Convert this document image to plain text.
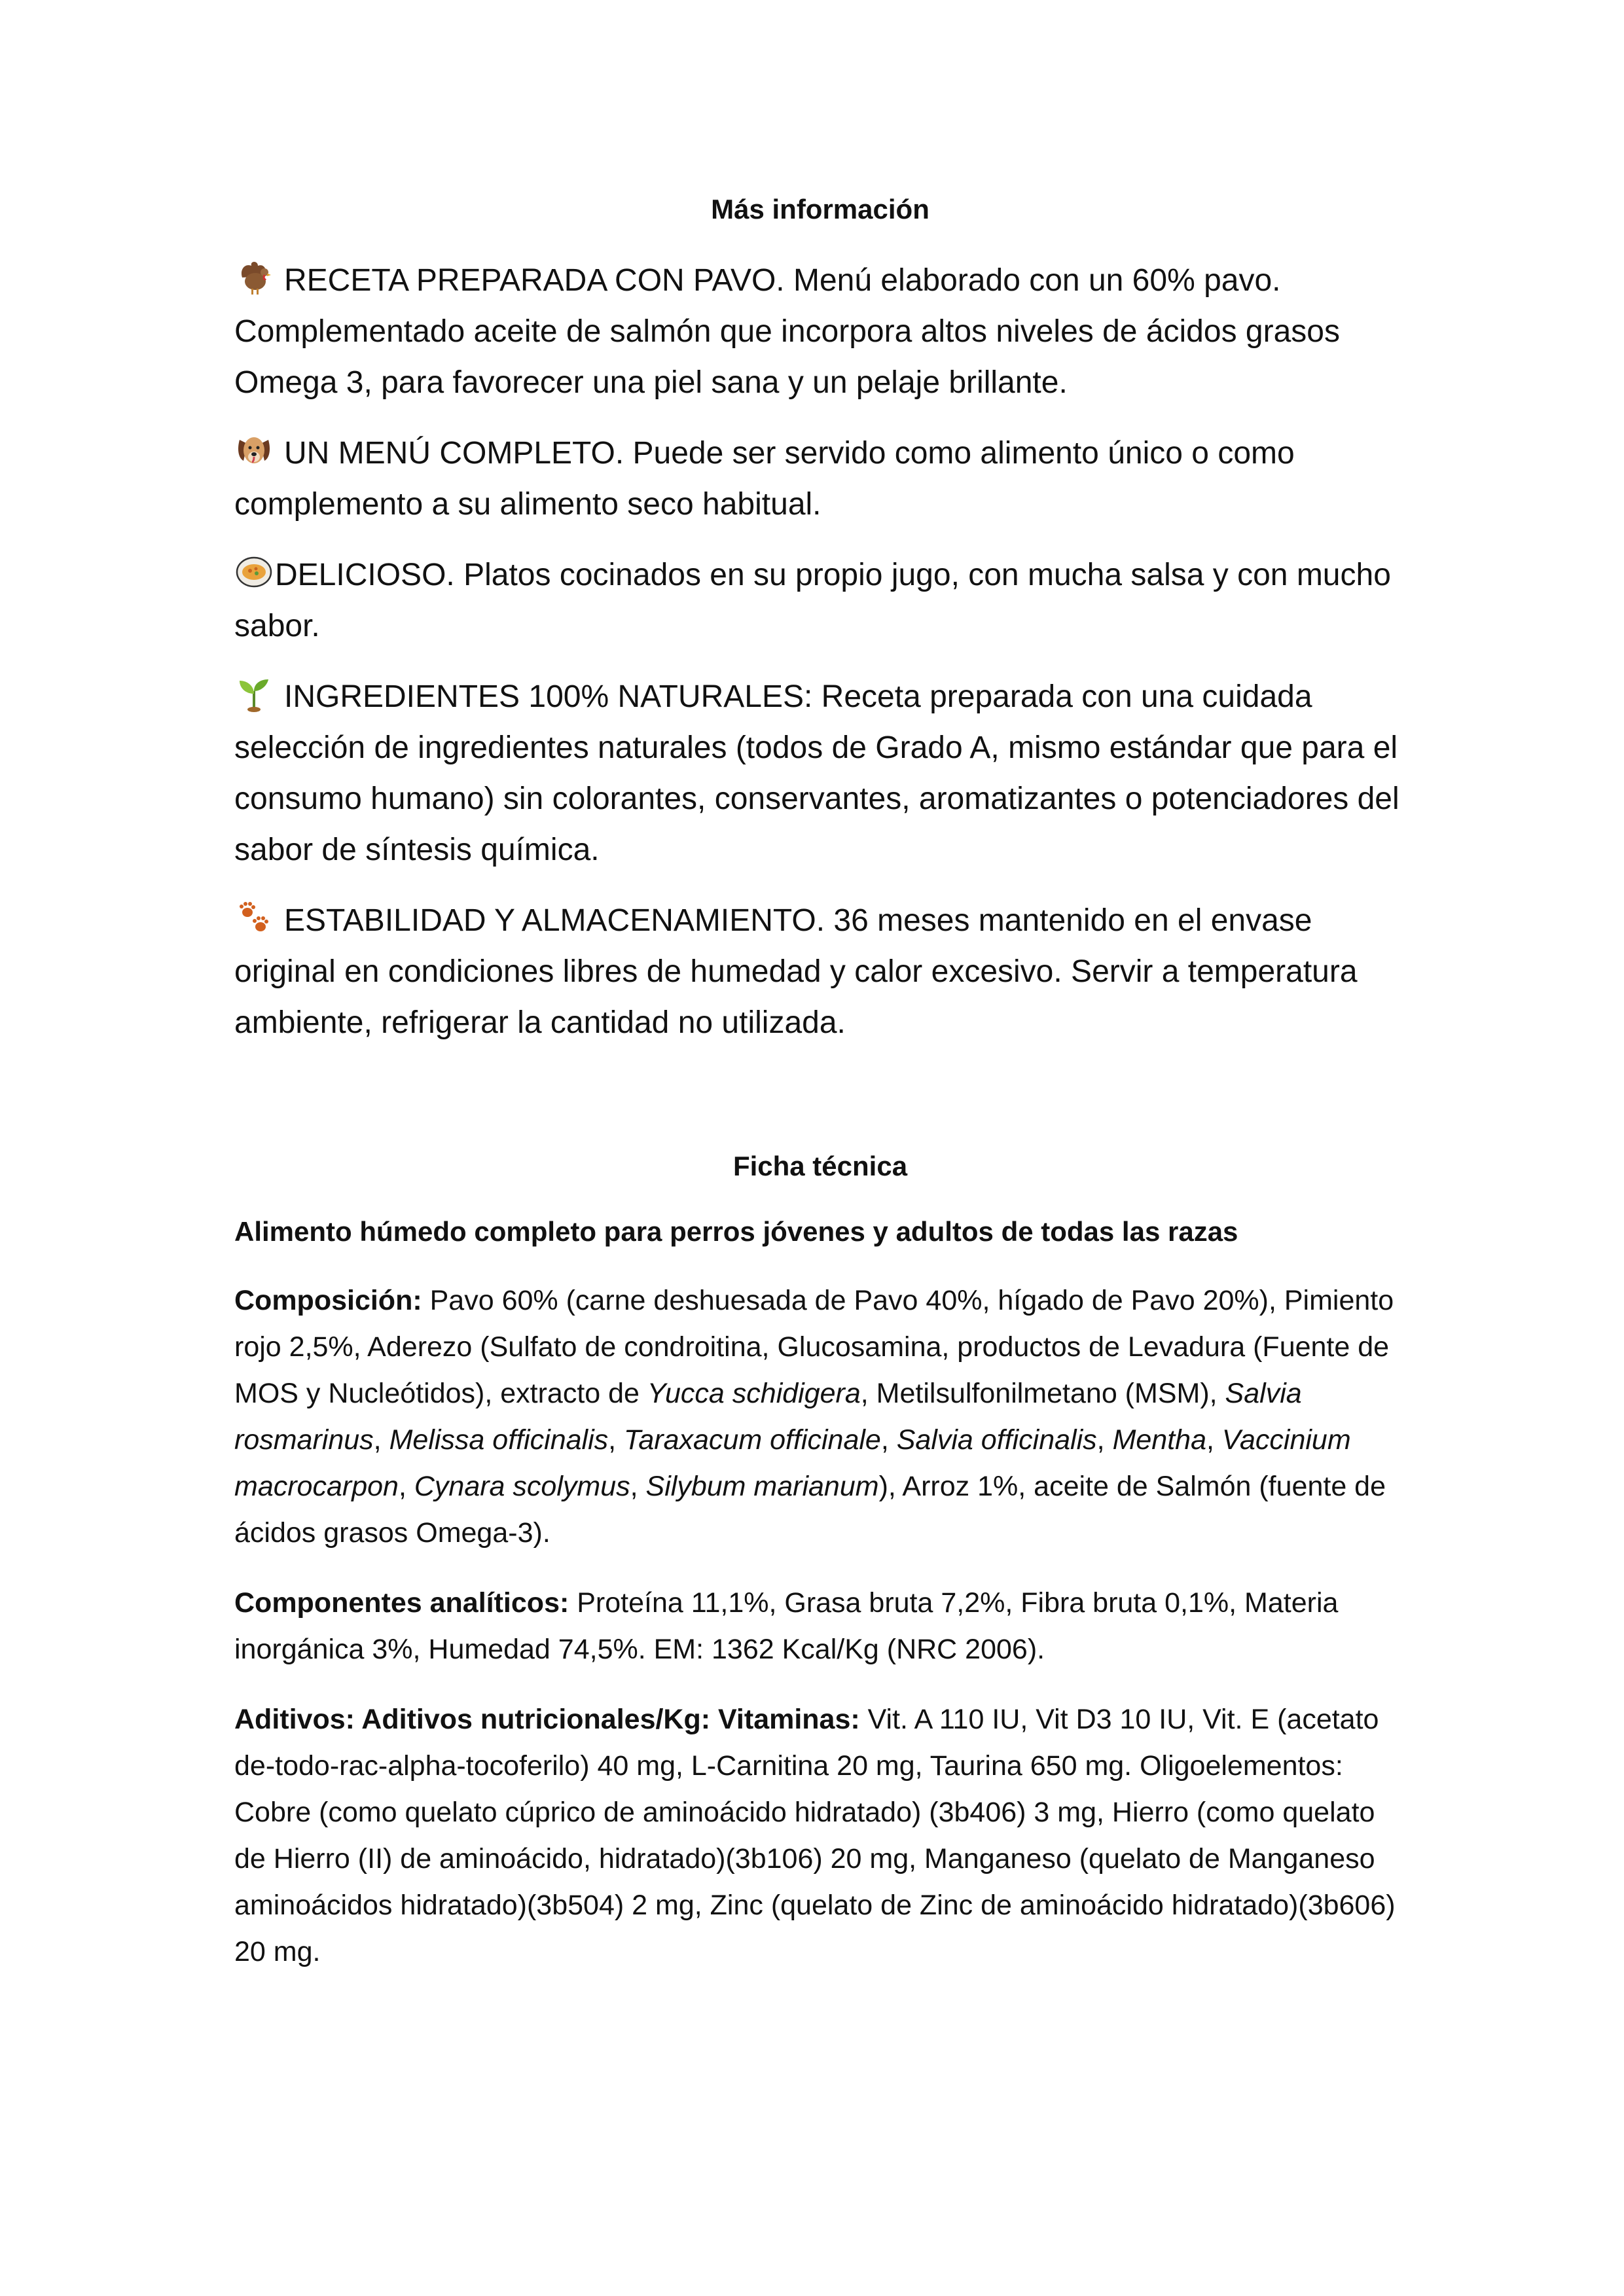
Más información

RECETA PREPARADA CON PAVO. Menú elaborado con un 60% pavo. Complementado aceite de salmón que incorpora altos niveles de ácidos grasos Omega 3, para favorecer una piel sana y un pelaje brillante.

UN MENÚ COMPLETO. Puede ser servido como alimento único o como complemento a su alimento seco habitual.

DELICIOSO. Platos cocinados en su propio jugo, con mucha salsa y con mucho sabor.

INGREDIENTES 100% NATURALES: Receta preparada con una cuidada selección de ingredientes naturales (todos de Grado A, mismo estándar que para el consumo humano) sin colorantes, conservantes, aromatizantes o potenciadores del sabor de síntesis química.

ESTABILIDAD Y ALMACENAMIENTO. 36 meses mantenido en el envase original en condiciones libres de humedad y calor excesivo. Servir a temperatura ambiente, refrigerar la cantidad no utilizada.

Ficha técnica
Alimento húmedo completo para perros jóvenes y adultos de todas las razas

Composición: Pavo 60% (carne deshuesada de Pavo 40%, hígado de Pavo 20%), Pimiento rojo 2,5%, Aderezo (Sulfato de condroitina, Glucosamina, productos de Levadura (Fuente de MOS y Nucleótidos), extracto de Yucca schidigera, Metilsulfonilmetano (MSM), Salvia rosmarinus, Melissa officinalis, Taraxacum officinale, Salvia officinalis, Mentha, Vaccinium macrocarpon, Cynara scolymus, Silybum marianum), Arroz 1%, aceite de Salmón (fuente de ácidos grasos Omega-3).

Componentes analíticos: Proteína 11,1%, Grasa bruta 7,2%, Fibra bruta 0,1%, Materia inorgánica 3%, Humedad 74,5%. EM: 1362 Kcal/Kg (NRC 2006).

Aditivos: Aditivos nutricionales/Kg: Vitaminas: Vit. A 110 IU, Vit D3 10 IU, Vit. E (acetato de-todo-rac-alpha-tocoferilo) 40 mg, L-Carnitina 20 mg, Taurina 650 mg. Oligoelementos: Cobre (como quelato cúprico de aminoácido hidratado) (3b406) 3 mg, Hierro (como quelato de Hierro (II) de aminoácido, hidratado)(3b106) 20 mg, Manganeso (quelato de Manganeso aminoácidos hidratado)(3b504) 2 mg, Zinc (quelato de Zinc de aminoácido hidratado)(3b606) 20 mg.
